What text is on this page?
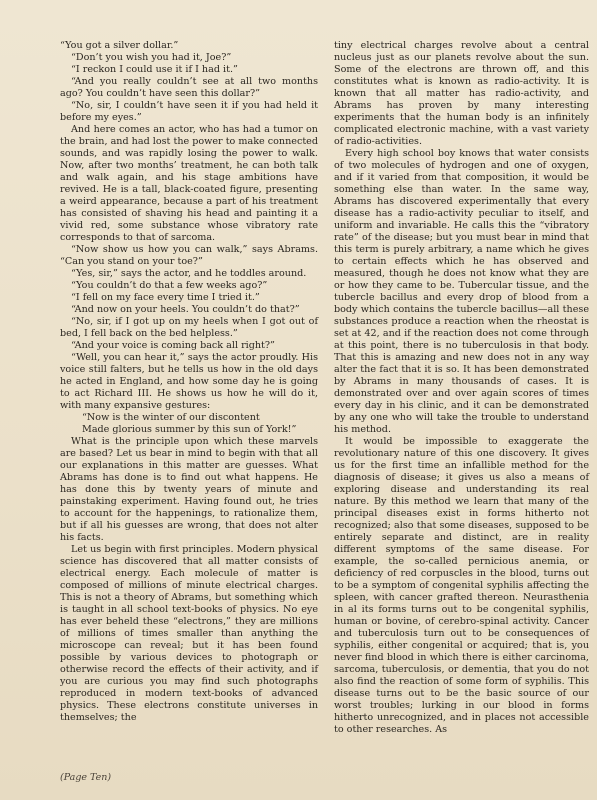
“You got a silver dollar.”

“Don’t you wish you had it, Joe?”

“I reckon I could use it if I had it.”

“And you really couldn’t see at all two months ago? You couldn’t have seen this dollar?”

“No, sir, I couldn’t have seen it if you had held it before my eyes.”

And here comes an actor, who has had a tumor on the brain, and had lost the power to make connected sounds, and was rapidly losing the power to walk. Now, after two months’ treatment, he can both talk and walk again, and his stage ambitions have revived. He is a tall, black-coated figure, presenting a weird appearance, because a part of his treatment has consisted of shaving his head and painting it a vivid red, some substance whose vibratory rate corresponds to that of sarcoma.

“Now show us how you can walk,” says Abrams. “Can you stand on your toe?”

“Yes, sir,” says the actor, and he toddles around.

“You couldn’t do that a few weeks ago?”

“I fell on my face every time I tried it.”

“And now on your heels. You couldn’t do that?”

“No, sir, if I got up on my heels when I got out of bed, I fell back on the bed helpless.”

“And your voice is coming back all right?”

“Well, you can hear it,” says the actor proudly. His voice still falters, but he tells us how in the old days he acted in England, and how some day he is going to act Richard III. He shows us how he will do it, with many expansive gestures:

“Now is the winter of our discontent

Made glorious summer by this sun of York!”

What is the principle upon which these marvels are based? Let us bear in mind to begin with that all our explanations in this matter are guesses. What Abrams has done is to find out what happens. He has done this by twenty years of minute and painstaking experiment. Having found out, he tries to account for the happenings, to rationalize them, but if all his guesses are wrong, that does not alter his facts.

Let us begin with first principles. Modern physical science has discovered that all matter consists of electrical energy. Each molecule of matter is composed of millions of minute electrical charges. This is not a theory of Abrams, but something which is taught in all school text-books of physics. No eye has ever beheld these “electrons,” they are millions of millions of times smaller than anything the microscope can reveal; but it has been found possible by various devices to photograph or otherwise record the effects of their activity, and if you are curious you may find such photographs reproduced in modern text-books of advanced physics. These electrons constitute universes in themselves; the

tiny electrical charges revolve about a central nucleus just as our planets revolve about the sun. Some of the electrons are thrown off, and this constitutes what is known as radio-activity. It is known that all matter has radio-activity, and Abrams has proven by many interesting experiments that the human body is an infinitely complicated electronic machine, with a vast variety of radio-activities.

Every high school boy knows that water consists of two molecules of hydrogen and one of oxygen, and if it varied from that composition, it would be something else than water. In the same way, Abrams has discovered experimentally that every disease has a radio-activity peculiar to itself, and uniform and invariable. He calls this the “vibratory rate” of the disease; but you must bear in mind that this term is purely arbitrary, a name which he gives to certain effects which he has observed and measured, though he does not know what they are or how they came to be. Tubercular tissue, and the tubercle bacillus and every drop of blood from a body which contains the tubercle bacillus—all these substances produce a reaction when the rheostat is set at 42, and if the reaction does not come through at this point, there is no tuberculosis in that body. That this is amazing and new does not in any way alter the fact that it is so. It has been demonstrated by Abrams in many thousands of cases. It is demonstrated over and over again scores of times every day in his clinic, and it can be demonstrated by any one who will take the trouble to understand his method.

It would be impossible to exaggerate the revolutionary nature of this one discovery. It gives us for the first time an infallible method for the diagnosis of disease; it gives us also a means of exploring disease and understanding its real nature. By this method we learn that many of the principal diseases exist in forms hitherto not recognized; also that some diseases, supposed to be entirely separate and distinct, are in reality different symptoms of the same disease. For example, the so-called pernicious anemia, or deficiency of red corpuscles in the blood, turns out to be a symptom of congenital syphilis affecting the spleen, with cancer grafted thereon. Neurasthenia in al its forms turns out to be congenital syphilis, human or bovine, of cerebro-spinal activity. Cancer and tuberculosis turn out to be consequences of syphilis, either congenital or acquired; that is, you never find blood in which there is either carcinoma, sarcoma, tuberculosis, or dementia, that you do not also find the reaction of some form of syphilis. This disease turns out to be the basic source of our worst troubles; lurking in our blood in forms hitherto unrecognized, and in places not accessible to other researches. As

(Page Ten)
